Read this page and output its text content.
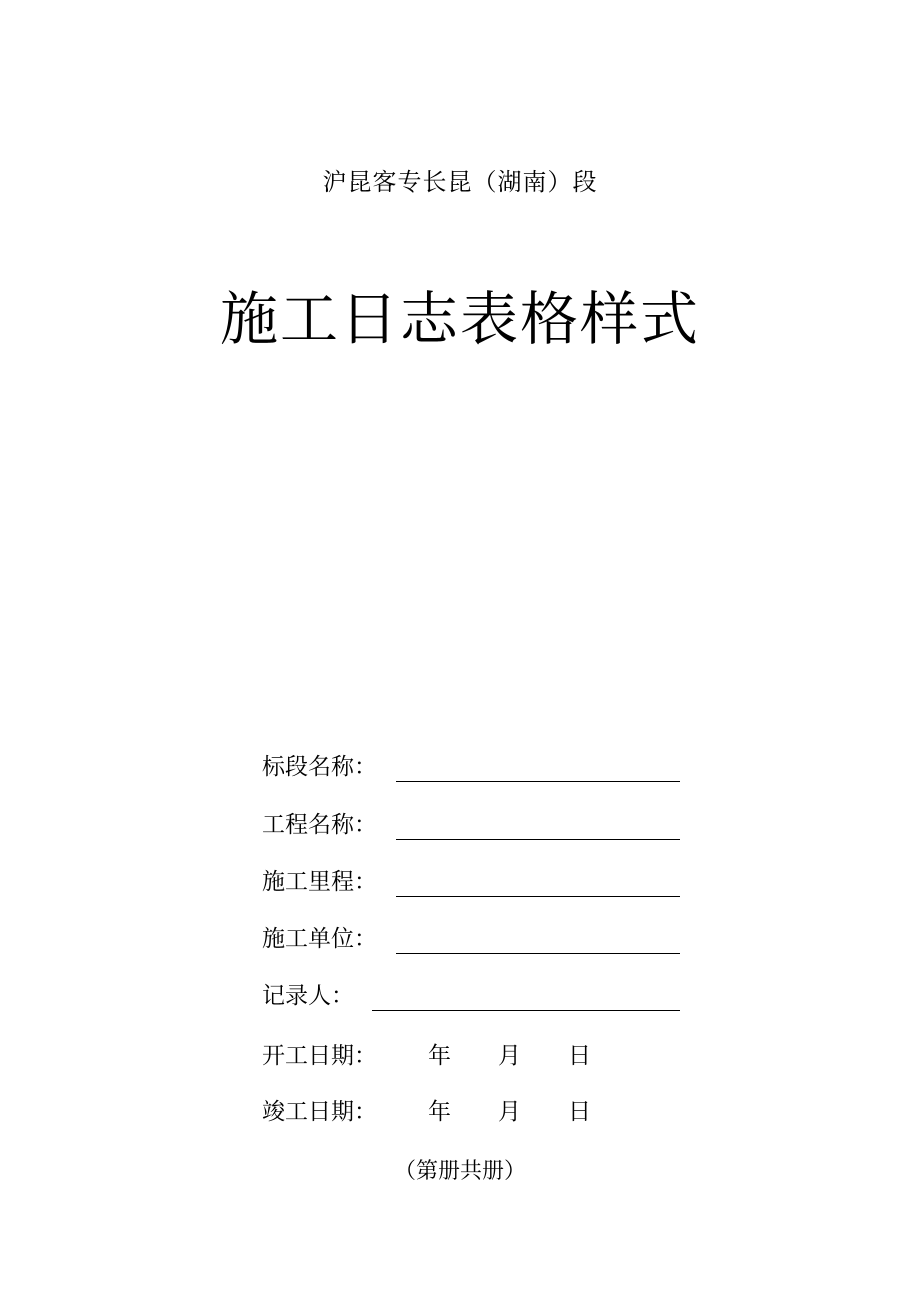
沪昆客专长昆（湖南）段
施工日志表格样式
标段名称：
工程名称：
施工里程：
施工单位：
记录人：
开工日期： 年 月 日
竣工日期： 年 月 日
（第册共册）
